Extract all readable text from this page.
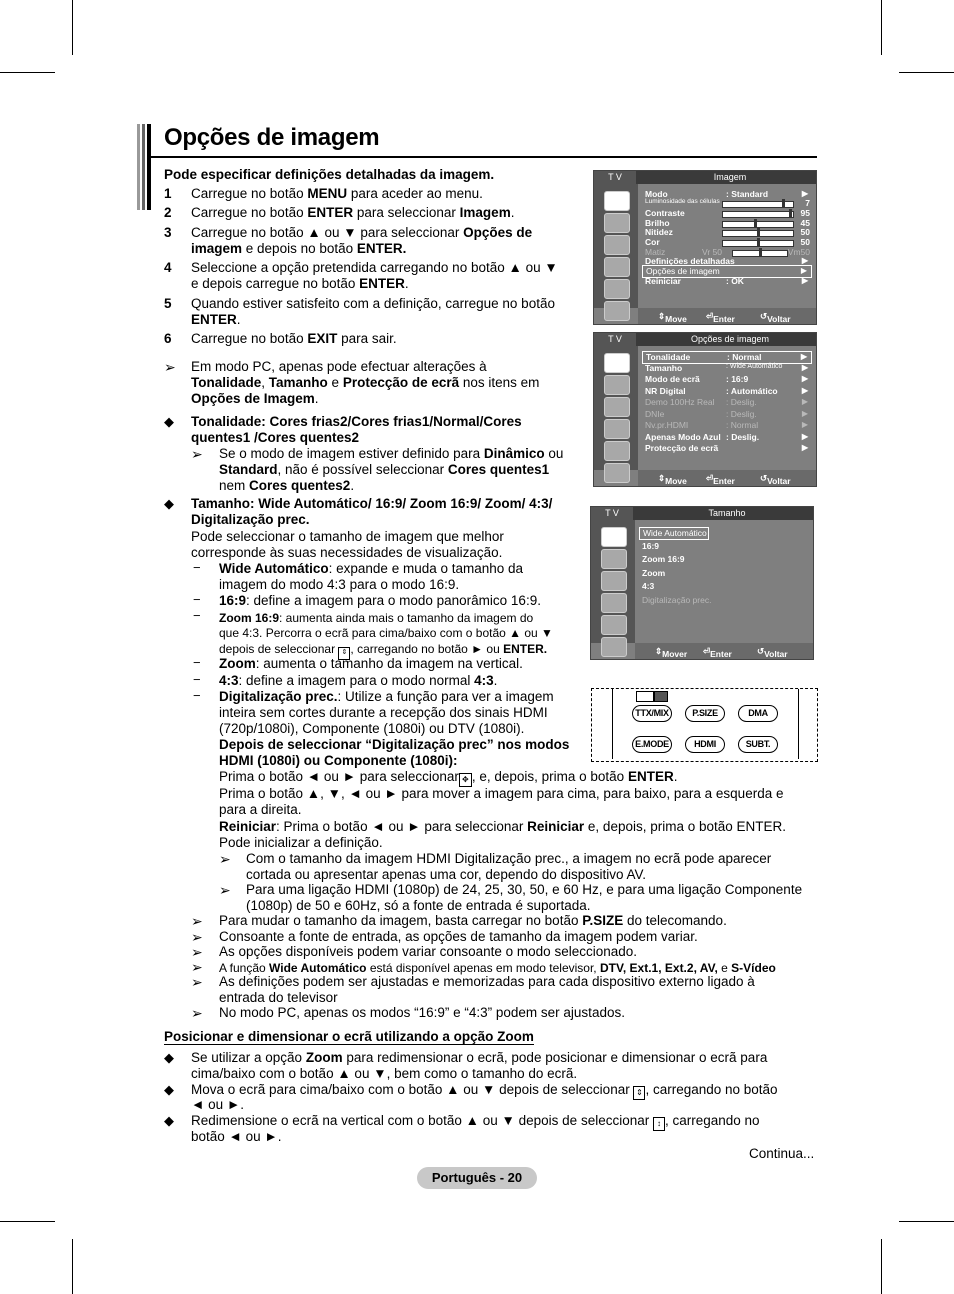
Opções de imagem
Pode especificar definições detalhadas da imagem.
1 Carregue no botão MENU para aceder ao menu.
2 Carregue no botão ENTER para seleccionar Imagem.
3 Carregue no botão ▲ ou ▼ para seleccionar Opções de
imagem e depois no botão ENTER.
4 Seleccione a opção pretendida carregando no botão ▲ ou ▼
e depois carregue no botão ENTER.
5 Quando estiver satisfeito com a definição, carregue no botão
ENTER.
6 Carregue no botão EXIT para sair.
➢ Em modo PC, apenas pode efectuar alterações à
Tonalidade, Tamanho e Protecção de ecrã nos itens em
Opções de Imagem.
◆ Tonalidade: Cores frias2/Cores frias1/Normal/Cores
quentes1 /Cores quentes2
➢ Se o modo de imagem estiver definido para Dinâmico ou
Standard, não é possível seleccionar Cores quentes1
nem Cores quentes2.
◆ Tamanho: Wide Automático/ 16:9/ Zoom 16:9/ Zoom/ 4:3/
Digitalização prec.
Pode seleccionar o tamanho de imagem que melhor
corresponde às suas necessidades de visualização.
− Wide Automático: expande e muda o tamanho da
imagem do modo 4:3 para o modo 16:9.
− 16:9: define a imagem para o modo panorâmico 16:9.
− Zoom 16:9: aumenta ainda mais o tamanho da imagem do
que 4:3. Percorra o ecrã para cima/baixo com o botão ▲ ou ▼
depois de seleccionar ⇕ , carregando no botão ► ou ENTER.
− Zoom: aumenta o tamanho da imagem na vertical.
− 4:3: define a imagem para o modo normal 4:3.
− Digitalização prec.: Utilize a função para ver a imagem
inteira sem cortes durante a recepção dos sinais HDMI
(720p/1080i), Componente (1080i) ou DTV (1080i).
Depois de seleccionar “Digitalização prec” nos modos
HDMI (1080i) ou Componente (1080i):
Prima o botão ◄ ou ► para seleccionar ✥ , e, depois, prima o botão ENTER.
Prima o botão ▲, ▼, ◄ ou ► para mover a imagem para cima, para baixo, para a esquerda e
para a direita.
Reiniciar: Prima o botão ◄ ou ► para seleccionar Reiniciar e, depois, prima o botão ENTER.
Pode inicializar a definição.
➢ Com o tamanho da imagem HDMI Digitalização prec., a imagem no ecrã pode aparecer
cortada ou apresentar apenas uma cor, dependo do dispositivo AV.
➢ Para uma ligação HDMI (1080p) de 24, 25, 30, 50, e 60 Hz, e para uma ligação Componente
(1080p) de 50 e 60Hz, só a fonte de entrada é suportada.
➢ Para mudar o tamanho da imagem, basta carregar no botão P.SIZE do telecomando.
➢ Consoante a fonte de entrada, as opções de tamanho da imagem podem variar.
➢ As opções disponíveis podem variar consoante o modo seleccionado.
➢ A função Wide Automático está disponível apenas em modo televisor, DTV, Ext.1, Ext.2, AV, e S-Vídeo
➢ As definições podem ser ajustadas e memorizadas para cada dispositivo externo ligado à
entrada do televisor
➢ No modo PC, apenas os modos “16:9” e “4:3” podem ser ajustados.
Posicionar e dimensionar o ecrã utilizando a opção Zoom
◆ Se utilizar a opção Zoom para redimensionar o ecrã, pode posicionar e dimensionar o ecrã para
cima/baixo com o botão ▲ ou ▼, bem como o tamanho do ecrã.
◆ Mova o ecrã para cima/baixo com o botão ▲ ou ▼ depois de seleccionar ⇕ , carregando no botão
◄ ou ►.
◆ Redimensione o ecrã na vertical com o botão ▲ ou ▼ depois de seleccionar ↕ , carregando no
botão ◄ ou ►.
Continua...
Português - 20
T V	Imagem
Modo	: Standard	▶
Luminosidade das células	7
Contraste	95
Brilho	45
Nitidez	50
Cor	50
Matiz	Vr 50	Vm50
Definições detalhadas	▶
Opções de imagem	▶
Reiniciar	: OK	▶
⇕ Move ⏎ Enter	↺ Voltar
T V	Opções de imagem
Tonalidade	: Normal	▶
Tamanho	: Wide Automático ▶
Modo de ecrã	: 16:9	▶
NR Digital	: Automático	▶
Demo 100Hz Real : Deslig.	▶
DNIe	: Deslig.	▶
Nv.pr.HDMI	: Normal	▶
Apenas Modo Azul : Deslig.	▶
Protecção de ecrã	▶
⇕ Move ⏎ Enter	↺ Voltar
T V	Tamanho
Wide Automático
16:9
Zoom 16:9
Zoom
4:3
Digitalização prec.
⇕ Mover ⏎ Enter	↺ Voltar
TTX/MIX	P.SIZE	DMA
E.MODE	HDMI	SUBT.
